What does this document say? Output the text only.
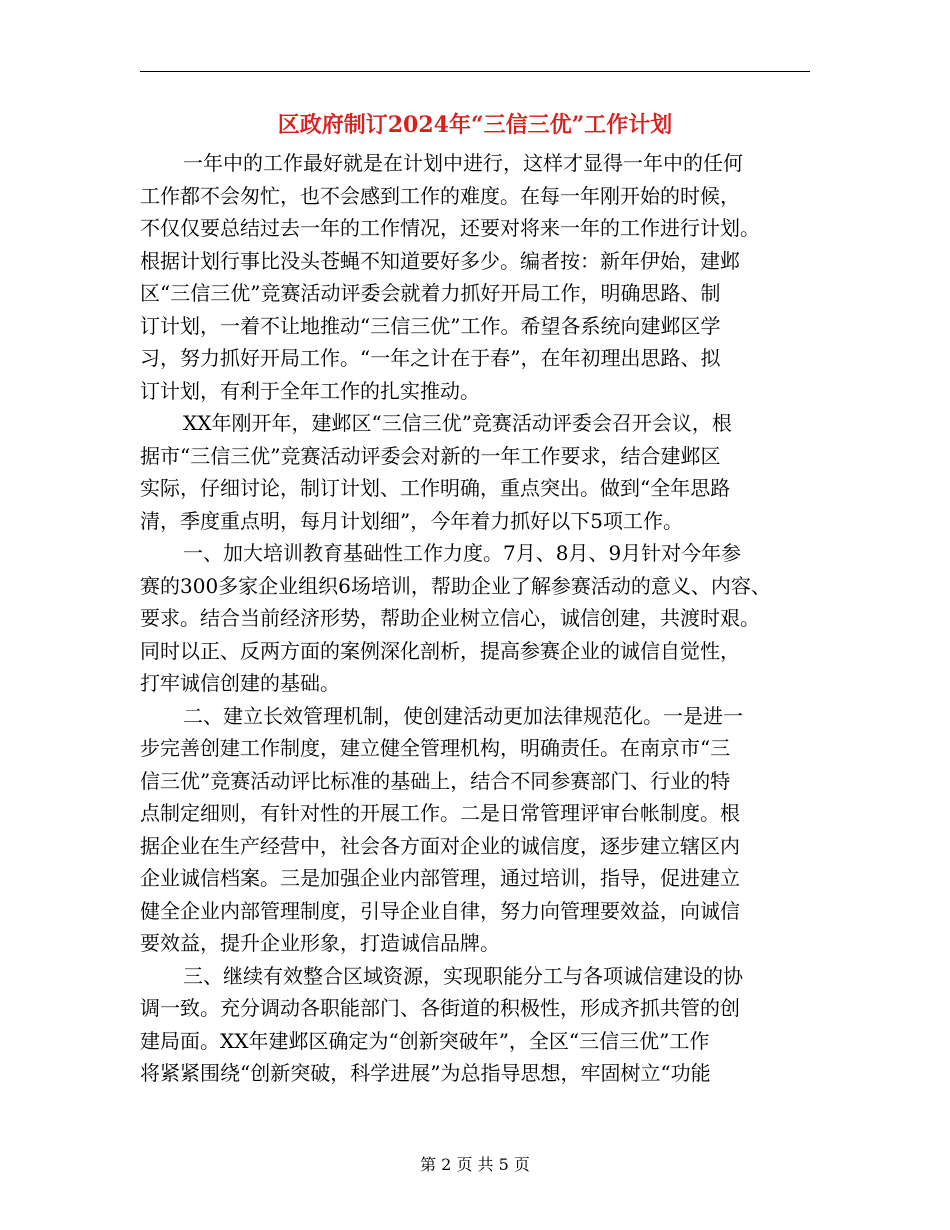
区政府制订2024年“三信三优”工作计划
一年中的工作最好就是在计划中进行，这样才显得一年中的任何
工作都不会匆忙，也不会感到工作的难度。在每一年刚开始的时候，
不仅仅要总结过去一年的工作情况，还要对将来一年的工作进行计划。
根据计划行事比没头苍蝇不知道要好多少。编者按：新年伊始，建邺
区“三信三优”竞赛活动评委会就着力抓好开局工作，明确思路、制
订计划，一着不让地推动“三信三优”工作。希望各系统向建邺区学
习，努力抓好开局工作。“一年之计在于春”，在年初理出思路、拟
订计划，有利于全年工作的扎实推动。
XX年刚开年，建邺区“三信三优”竞赛活动评委会召开会议，根
据市“三信三优”竞赛活动评委会对新的一年工作要求，结合建邺区
实际，仔细讨论，制订计划、工作明确，重点突出。做到“全年思路
清，季度重点明，每月计划细”，今年着力抓好以下5项工作。
一、加大培训教育基础性工作力度。7月、8月、9月针对今年参
赛的300多家企业组织6场培训，帮助企业了解参赛活动的意义、内容、
要求。结合当前经济形势，帮助企业树立信心，诚信创建，共渡时艰。
同时以正、反两方面的案例深化剖析，提高参赛企业的诚信自觉性，
打牢诚信创建的基础。
二、建立长效管理机制，使创建活动更加法律规范化。一是进一
步完善创建工作制度，建立健全管理机构，明确责任。在南京市“三
信三优”竞赛活动评比标准的基础上，结合不同参赛部门、行业的特
点制定细则，有针对性的开展工作。二是日常管理评审台帐制度。根
据企业在生产经营中，社会各方面对企业的诚信度，逐步建立辖区内
企业诚信档案。三是加强企业内部管理，通过培训，指导，促进建立
健全企业内部管理制度，引导企业自律，努力向管理要效益，向诚信
要效益，提升企业形象，打造诚信品牌。
三、继续有效整合区域资源，实现职能分工与各项诚信建设的协
调一致。充分调动各职能部门、各街道的积极性，形成齐抓共管的创
建局面。XX年建邺区确定为“创新突破年”，全区“三信三优”工作
将紧紧围绕“创新突破，科学进展”为总指导思想，牢固树立“功能
第 2 页 共 5 页
